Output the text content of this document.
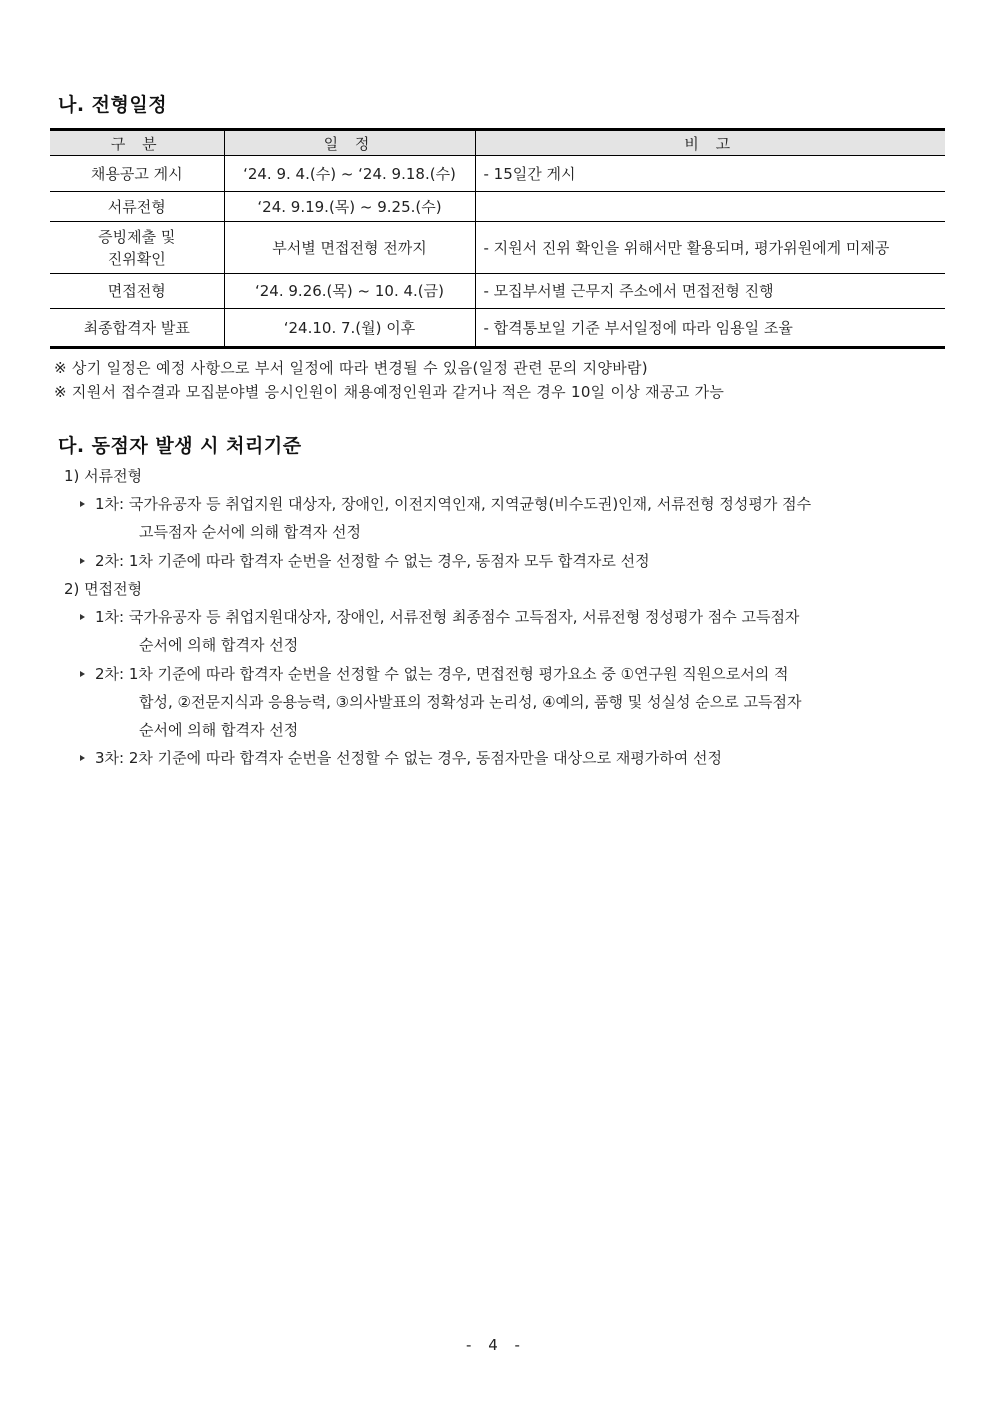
나. 전형일정
구 분	일 정	비 고
채용공고 게시	‘24. 9. 4.(수) ~ ‘24. 9.18.(수)	- 15일간 게시
서류전형	‘24. 9.19.(목) ~ 9.25.(수)	

증빙제출 및
진위확인	부서별 면접전형 전까지	- 지원서 진위 확인을 위해서만 활용되며, 평가위원에게 미제공

면접전형	‘24. 9.26.(목) ~ 10. 4.(금)	- 모집부서별 근무지 주소에서 면접전형 진행
최종합격자 발표	‘24.10. 7.(월) 이후	- 합격통보일 기준 부서일정에 따라 임용일 조율
※ 상기 일정은 예정 사항으로 부서 일정에 따라 변경될 수 있음(일정 관련 문의 지양바람)
※ 지원서 접수결과 모집분야별 응시인원이 채용예정인원과 같거나 적은 경우 10일 이상 재공고 가능
다. 동점자 발생 시 처리기준
1) 서류전형
1차: 국가유공자 등 취업지원 대상자, 장애인, 이전지역인재, 지역균형(비수도권)인재, 서류전형 정성평가 점수
고득점자 순서에 의해 합격자 선정
2차: 1차 기준에 따라 합격자 순번을 선정할 수 없는 경우, 동점자 모두 합격자로 선정
2) 면접전형
1차: 국가유공자 등 취업지원대상자, 장애인, 서류전형 최종점수 고득점자, 서류전형 정성평가 점수 고득점자
순서에 의해 합격자 선정
2차: 1차 기준에 따라 합격자 순번을 선정할 수 없는 경우, 면접전형 평가요소 중 ①연구원 직원으로서의 적
합성, ②전문지식과 응용능력, ③의사발표의 정확성과 논리성, ④예의, 품행 및 성실성 순으로 고득점자
순서에 의해 합격자 선정
3차: 2차 기준에 따라 합격자 순번을 선정할 수 없는 경우, 동점자만을 대상으로 재평가하여 선정
- 4 -
